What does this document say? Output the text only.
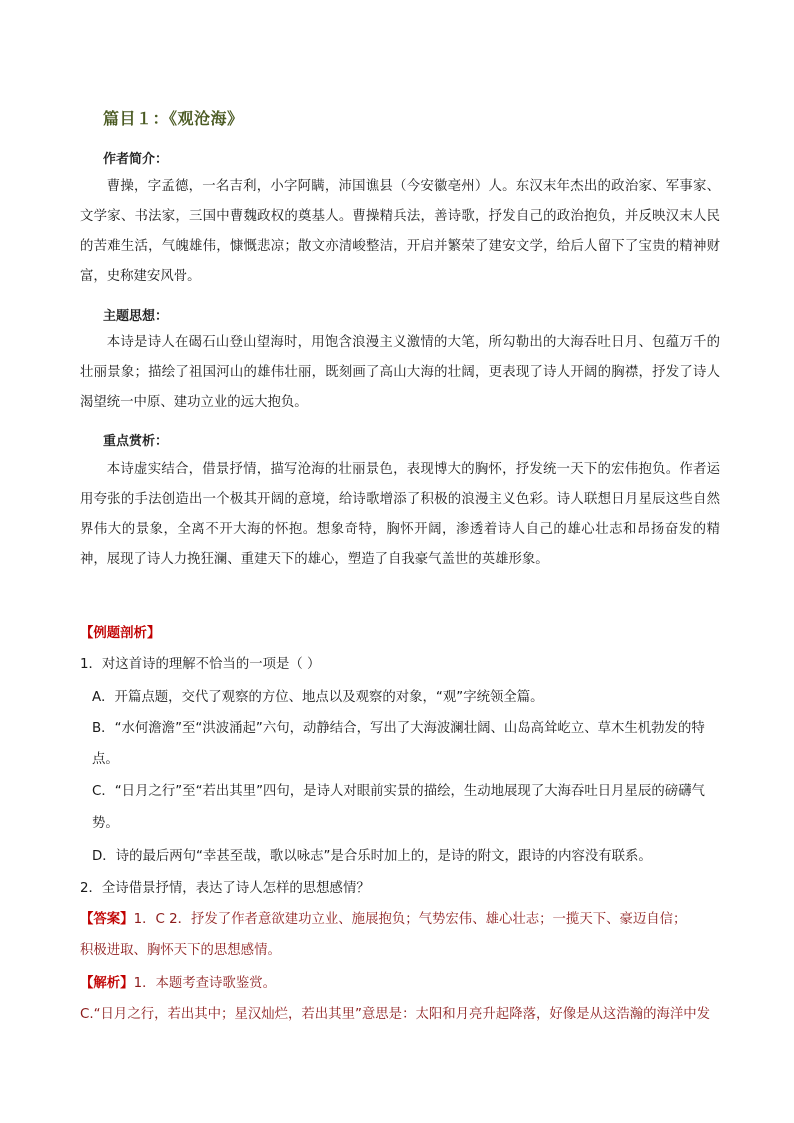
篇目１：《观沧海》
作者简介：
曹操，字孟德，一名吉利，小字阿瞒，沛国谯县（今安徽亳州）人。东汉末年杰出的政治家、军事家、文学家、书法家，三国中曹魏政权的奠基人。曹操精兵法，善诗歌，抒发自己的政治抱负，并反映汉末人民的苦难生活，气魄雄伟，慷慨悲凉；散文亦清峻整洁，开启并繁荣了建安文学，给后人留下了宝贵的精神财富，史称建安风骨。
主题思想：
本诗是诗人在碣石山登山望海时，用饱含浪漫主义激情的大笔，所勾勒出的大海吞吐日月、包蕴万千的壮丽景象；描绘了祖国河山的雄伟壮丽，既刻画了高山大海的壮阔，更表现了诗人开阔的胸襟，抒发了诗人渴望统一中原、建功立业的远大抱负。
重点赏析：
本诗虚实结合，借景抒情，描写沧海的壮丽景色，表现博大的胸怀，抒发统一天下的宏伟抱负。作者运用夸张的手法创造出一个极其开阔的意境，给诗歌增添了积极的浪漫主义色彩。诗人联想日月星辰这些自然界伟大的景象，全离不开大海的怀抱。想象奇特，胸怀开阔，渗透着诗人自己的雄心壮志和昂扬奋发的精神，展现了诗人力挽狂澜、重建天下的雄心，塑造了自我豪气盖世的英雄形象。
【例题剖析】
1．对这首诗的理解不恰当的一项是（ ）
A．开篇点题，交代了观察的方位、地点以及观察的对象，“观”字统领全篇。
B．“水何澹澹”至“洪波涌起”六句，动静结合，写出了大海波澜壮阔、山岛高耸屹立、草木生机勃发的特
点。
C．“日月之行”至“若出其里”四句，是诗人对眼前实景的描绘，生动地展现了大海吞吐日月星辰的磅礴气
势。
D．诗的最后两句“幸甚至哉，歌以咏志”是合乐时加上的，是诗的附文，跟诗的内容没有联系。
2．全诗借景抒情，表达了诗人怎样的思想感情？
【答案】1．C 2．抒发了作者意欲建功立业、施展抱负；气势宏伟、雄心壮志；一揽天下、豪迈自信；
积极进取、胸怀天下的思想感情。
【解析】1．本题考查诗歌鉴赏。
C.“日月之行，若出其中；星汉灿烂，若出其里”意思是：太阳和月亮升起降落，好像是从这浩瀚的海洋中发
